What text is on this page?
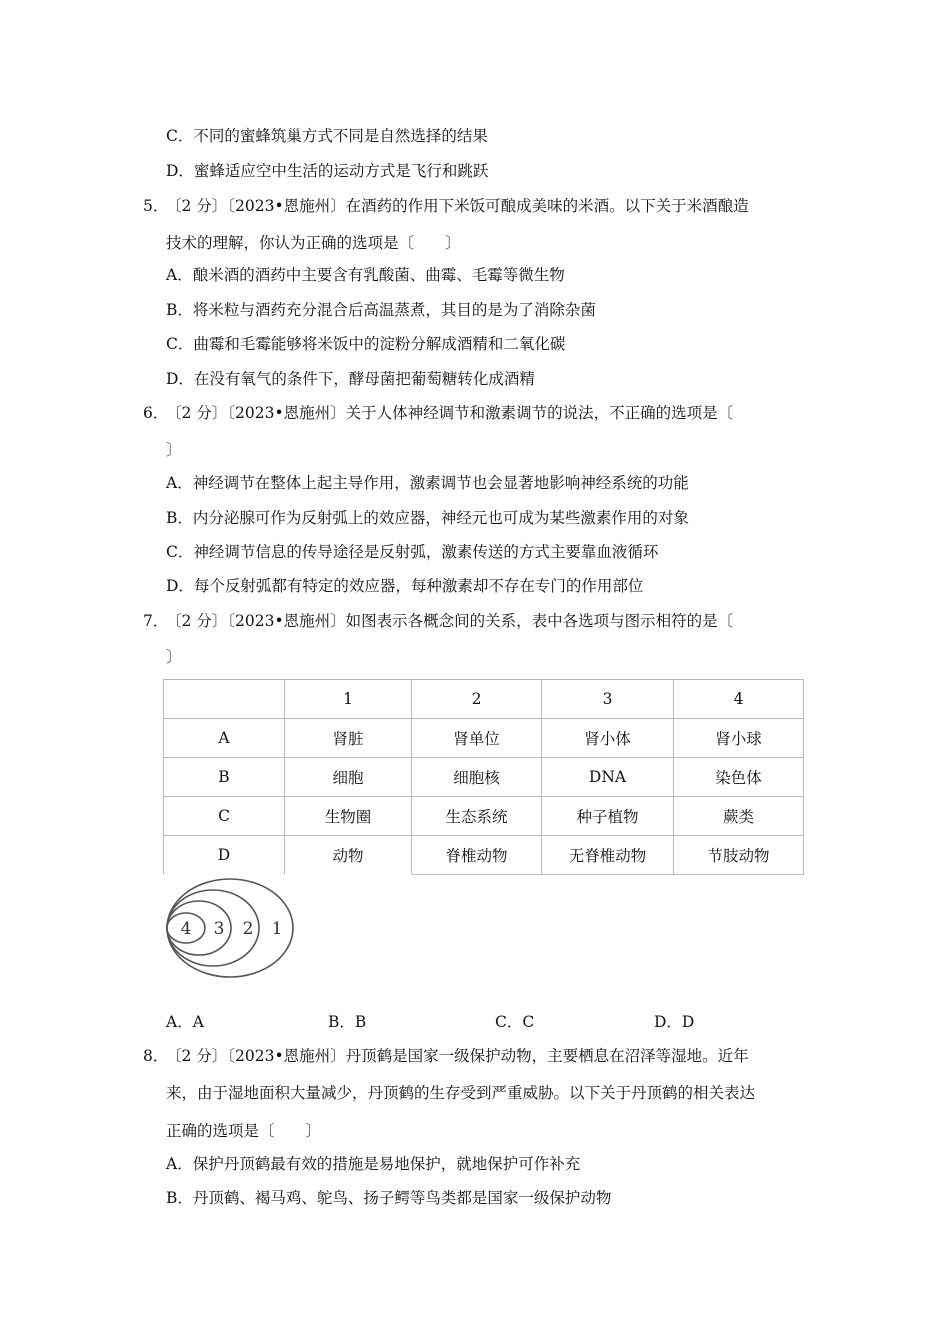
C．不同的蜜蜂筑巢方式不同是自然选择的结果
D．蜜蜂适应空中生活的运动方式是飞行和跳跃
5．
〔2 分〕〔2023•恩施州〕在酒药的作用下米饭可酿成美味的米酒。以下关于米酒酿造
技术的理解，你认为正确的选项是〔　　〕
A．酿米酒的酒药中主要含有乳酸菌、曲霉、毛霉等微生物
B．将米粒与酒药充分混合后高温蒸煮，其目的是为了消除杂菌
C．曲霉和毛霉能够将米饭中的淀粉分解成酒精和二氧化碳
D．在没有氧气的条件下，酵母菌把葡萄糖转化成酒精
6．
〔2 分〕〔2023•恩施州〕关于人体神经调节和激素调节的说法，不正确的选项是〔
〕
A．神经调节在整体上起主导作用，激素调节也会显著地影响神经系统的功能
B．内分泌腺可作为反射弧上的效应器，神经元也可成为某些激素作用的对象
C．神经调节信息的传导途径是反射弧，激素传送的方式主要靠血液循环
D．每个反射弧都有特定的效应器，每种激素却不存在专门的作用部位
7．
〔2 分〕〔2023•恩施州〕如图表示各概念间的关系，表中各选项与图示相符的是〔
〕
	1	2	3	4
A	肾脏	肾单位	肾小体	肾小球
B	细胞	细胞核	DNA	染色体
C	生物圈	生态系统	种子植物	蕨类
D	动物	脊椎动物	无脊椎动物	节肢动物
4 3 2 1
A．A	B．B	C．C	D．D
8．
〔2 分〕〔2023•恩施州〕丹顶鹤是国家一级保护动物，主要栖息在沼泽等湿地。近年
来，由于湿地面积大量减少，丹顶鹤的生存受到严重威胁。以下关于丹顶鹤的相关表达
正确的选项是〔　　〕
A．保护丹顶鹤最有效的措施是易地保护，就地保护可作补充
B．丹顶鹤、褐马鸡、鸵鸟、扬子鳄等鸟类都是国家一级保护动物
